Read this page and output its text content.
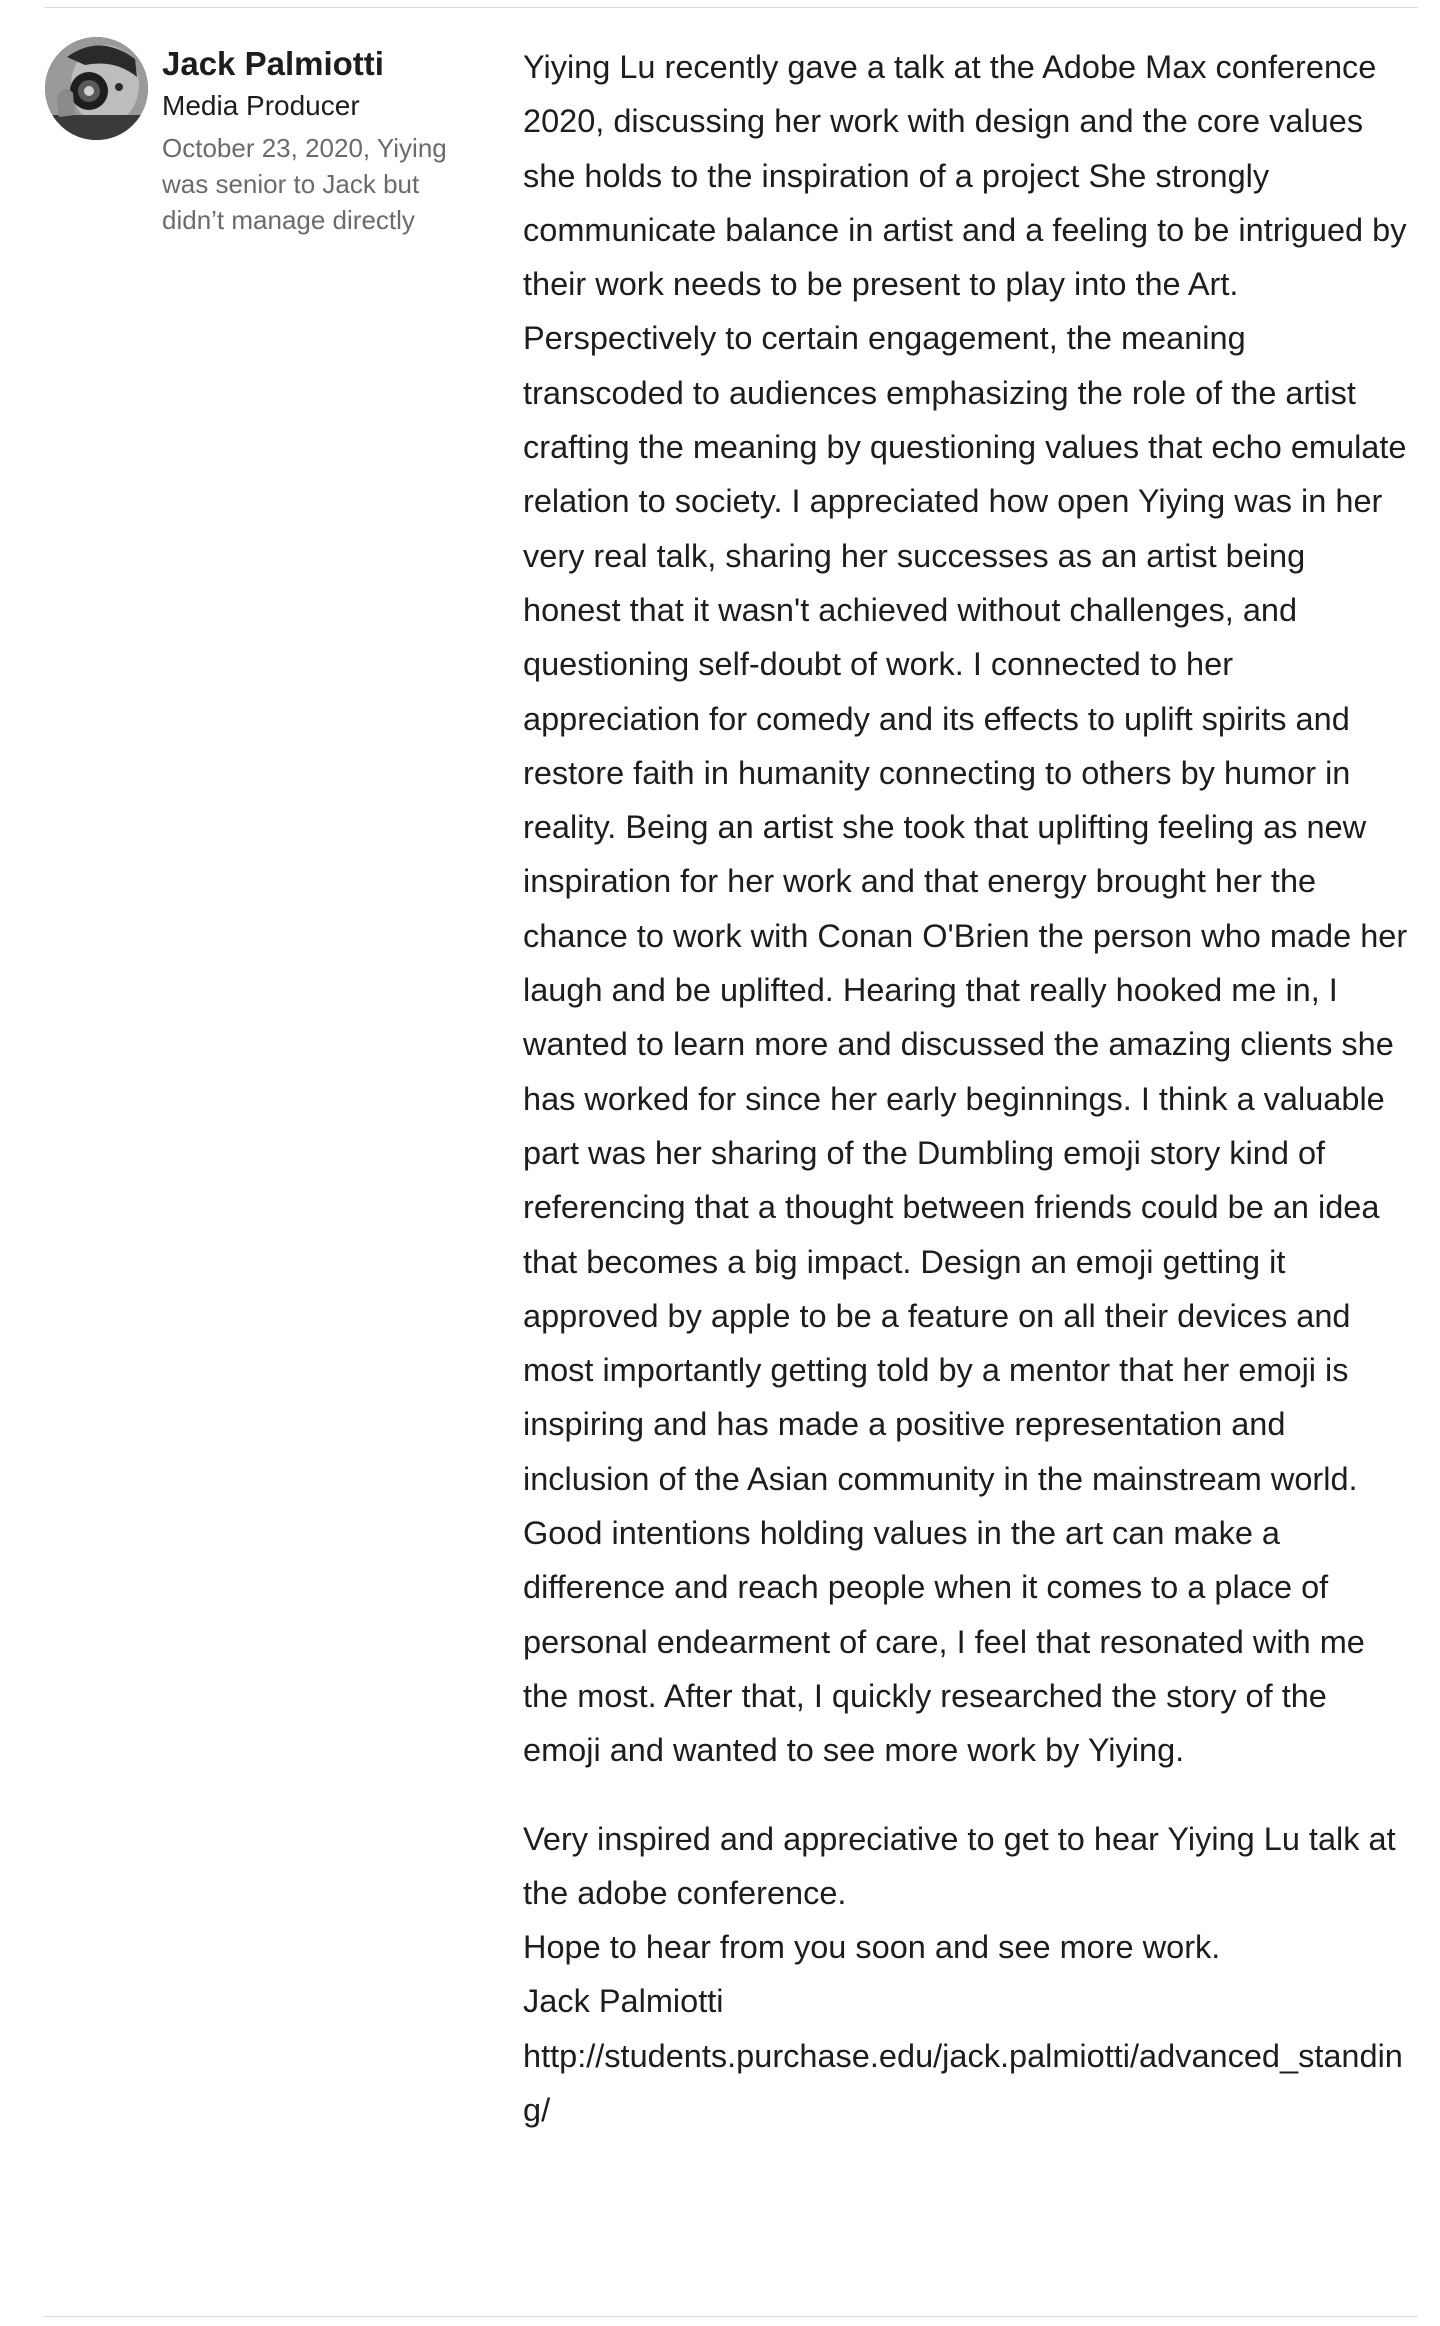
Jack Palmiotti
Media Producer
October 23, 2020, Yiying was senior to Jack but didn’t manage directly

Yiying Lu recently gave a talk at the Adobe Max conference 2020, discussing her work with design and the core values she holds to the inspiration of a project She strongly communicate balance in artist and a feeling to be intrigued by their work needs to be present to play into the Art. Perspectively to certain engagement, the meaning transcoded to audiences emphasizing the role of the artist crafting the meaning by questioning values that echo emulate relation to society. I appreciated how open Yiying was in her very real talk, sharing her successes as an artist being honest that it wasn't achieved without challenges, and questioning self-doubt of work. I connected to her appreciation for comedy and its effects to uplift spirits and restore faith in humanity connecting to others by humor in reality. Being an artist she took that uplifting feeling as new inspiration for her work and that energy brought her the chance to work with Conan O'Brien the person who made her laugh and be uplifted. Hearing that really hooked me in, I wanted to learn more and discussed the amazing clients she has worked for since her early beginnings. I think a valuable part was her sharing of the Dumbling emoji story kind of referencing that a thought between friends could be an idea that becomes a big impact. Design an emoji getting it approved by apple to be a feature on all their devices and most importantly getting told by a mentor that her emoji is inspiring and has made a positive representation and inclusion of the Asian community in the mainstream world. Good intentions holding values in the art can make a difference and reach people when it comes to a place of personal endearment of care, I feel that resonated with me the most. After that, I quickly researched the story of the emoji and wanted to see more work by Yiying.

Very inspired and appreciative to get to hear Yiying Lu talk at the adobe conference.

Hope to hear from you soon and see more work.

Jack Palmiotti

http://students.purchase.edu/jack.palmiotti/advanced_standing/
